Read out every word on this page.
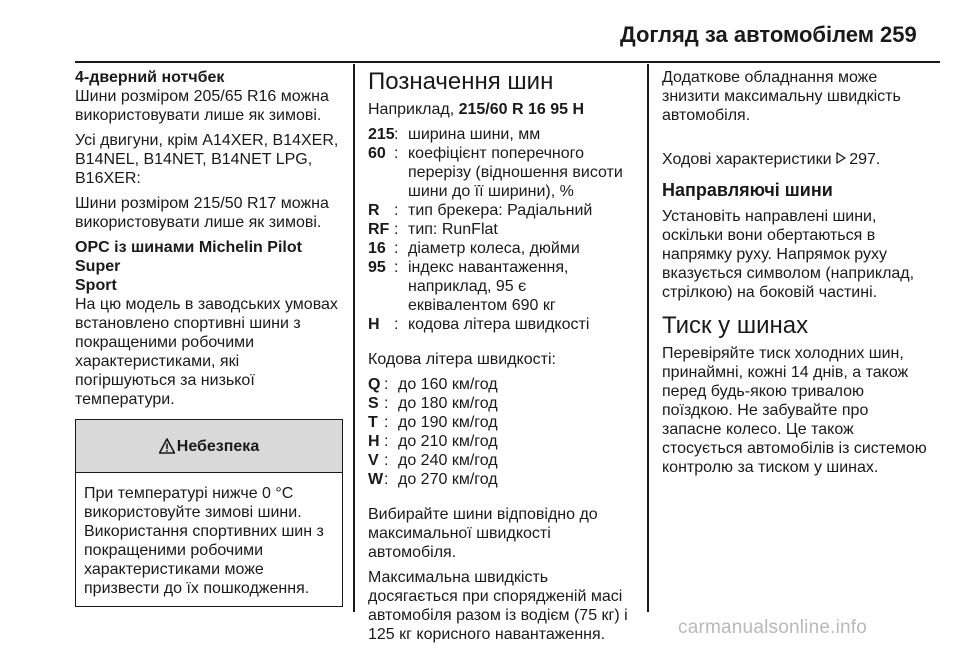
Догляд за автомобілем 259
4-дверний нотчбек
Шини розміром 205/65 R16 можна
використовувати лише як зимові.
Усі двигуни, крім A14XER, B14XER,
B14NEL, B14NET, B14NET LPG,
B16XER:
Шини розміром 215/50 R17 можна
використовувати лише як зимові.
OPC із шинами Michelin Pilot Super
Sport
На цю модель в заводських умовах
встановлено спортивні шини з
покращеними робочими
характеристиками, які
погіршуються за низької
температури.
Небезпека
При температурі нижче 0 °C
використовуйте зимові шини.
Використання спортивних шин з
покращеними робочими
характеристиками може
призвести до їх пошкодження.
Позначення шин
Наприклад, 215/60 R 16 95 H
215 : ширина шини, мм
60 : коефіцієнт поперечного
перерізу (відношення висоти
шини до її ширини), %
R : тип брекера: Радіальний
RF : тип: RunFlat
16 : діаметр колеса, дюйми
95 : індекс навантаження,
наприклад, 95 є
еквівалентом 690 кг
H : кодова літера швидкості
Кодова літера швидкості:
Q : до 160 км/год
S : до 180 км/год
T : до 190 км/год
H : до 210 км/год
V : до 240 км/год
W : до 270 км/год
Вибирайте шини відповідно до
максимальної швидкості
автомобіля.
Максимальна швидкість
досягається при спорядженій масі
автомобіля разом із водієм (75 кг) і
125 кг корисного навантаження.
Додаткове обладнання може
знизити максимальну швидкість
автомобіля.

Ходові характеристики  297.

Направляючі шини
Установіть направлені шини,
оскільки вони обертаються в
напрямку руху. Напрямок руху
вказується символом (наприклад,
стрілкою) на боковій частині.
Тиск у шинах
Перевіряйте тиск холодних шин,
принаймні, кожні 14 днів, а також
перед будь-якою тривалою
поїздкою. Не забувайте про
запасне колесо. Це також
стосується автомобілів із системою
контролю за тиском у шинах.
carmanualsonline.info
